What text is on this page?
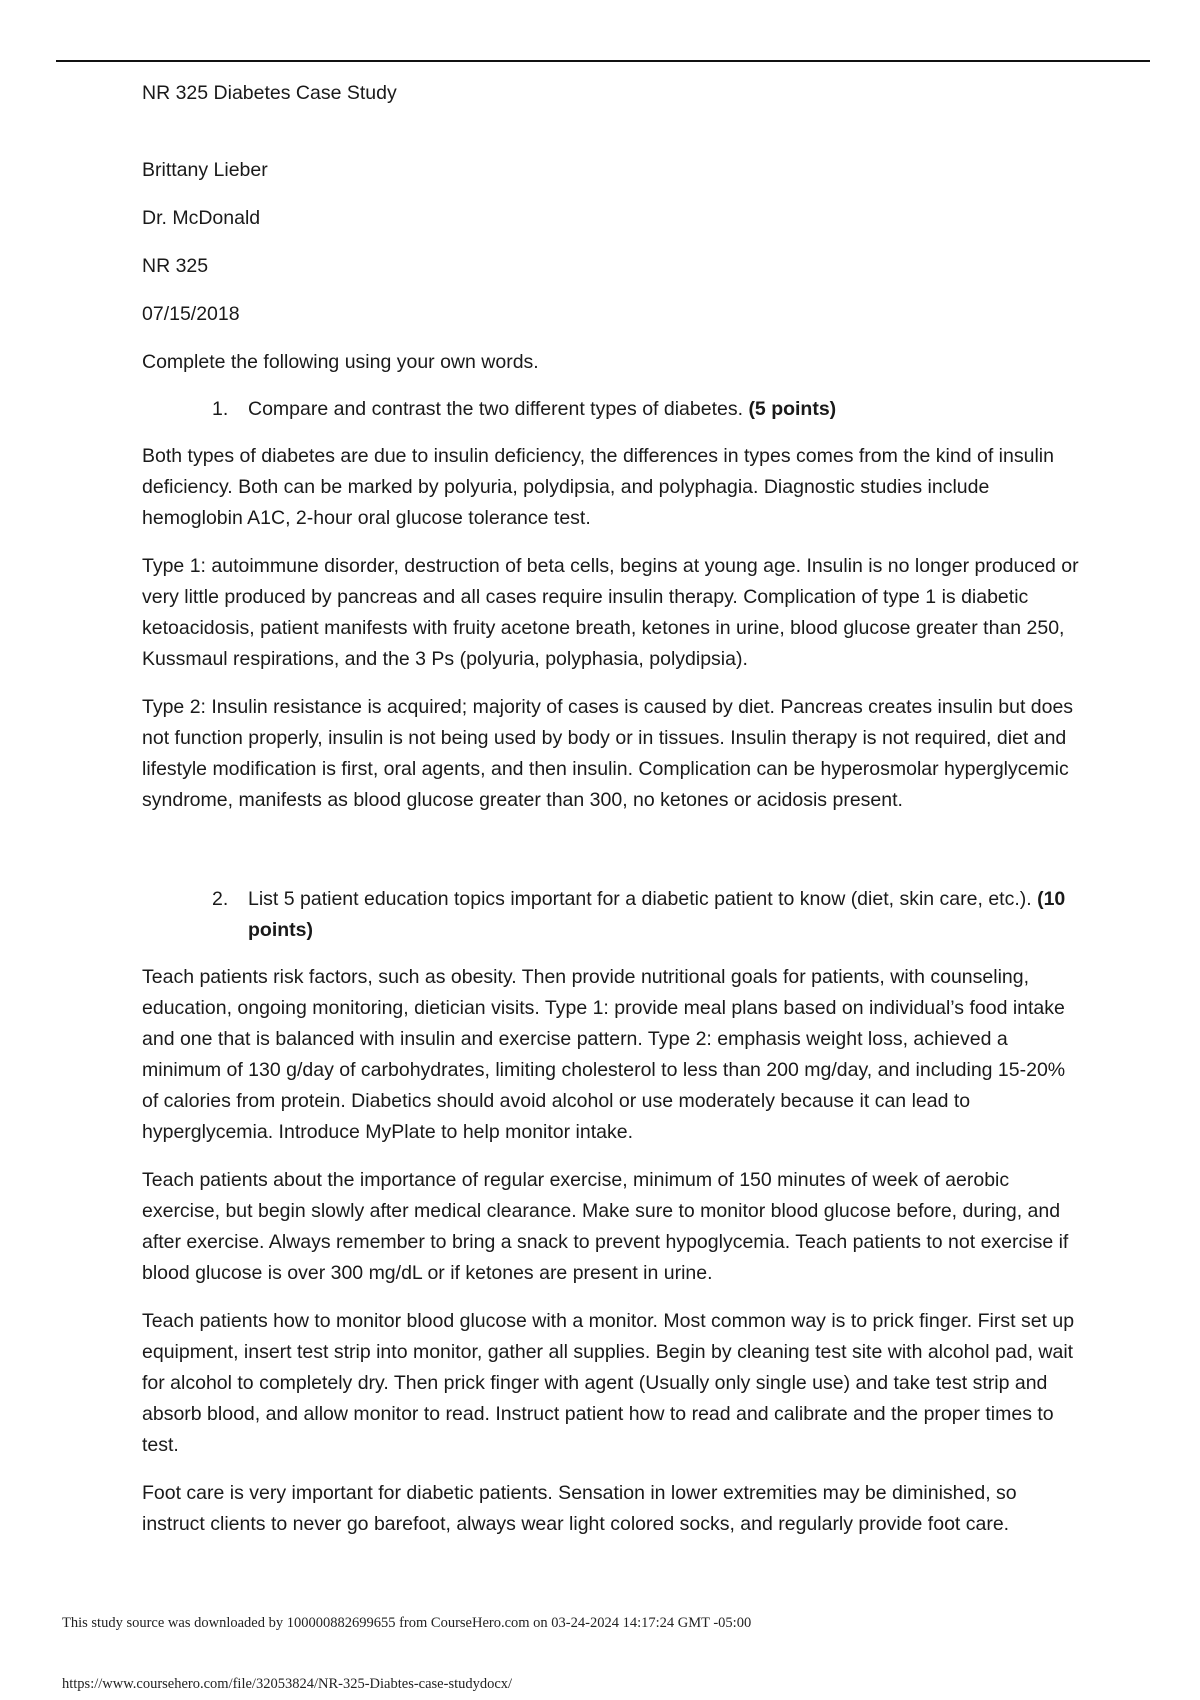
NR 325 Diabetes Case Study

Brittany Lieber

Dr. McDonald

NR 325

07/15/2018

Complete the following using your own words.

1.	Compare and contrast the two different types of diabetes. (5 points)

Both types of diabetes are due to insulin deficiency, the differences in types comes from the kind of insulin deficiency. Both can be marked by polyuria, polydipsia, and polyphagia. Diagnostic studies include hemoglobin A1C, 2-hour oral glucose tolerance test.

Type 1: autoimmune disorder, destruction of beta cells, begins at young age. Insulin is no longer produced or very little produced by pancreas and all cases require insulin therapy. Complication of type 1 is diabetic ketoacidosis, patient manifests with fruity acetone breath, ketones in urine, blood glucose greater than 250, Kussmaul respirations, and the 3 Ps (polyuria, polyphasia, polydipsia).

Type 2: Insulin resistance is acquired; majority of cases is caused by diet. Pancreas creates insulin but does not function properly, insulin is not being used by body or in tissues. Insulin therapy is not required, diet and lifestyle modification is first, oral agents, and then insulin. Complication can be hyperosmolar hyperglycemic syndrome, manifests as blood glucose greater than 300, no ketones or acidosis present.

2.	List 5 patient education topics important for a diabetic patient to know (diet, skin care, etc.). (10 points)

Teach patients risk factors, such as obesity. Then provide nutritional goals for patients, with counseling, education, ongoing monitoring, dietician visits. Type 1: provide meal plans based on individual’s food intake and one that is balanced with insulin and exercise pattern. Type 2: emphasis weight loss, achieved a minimum of 130 g/day of carbohydrates, limiting cholesterol to less than 200 mg/day, and including 15-20% of calories from protein. Diabetics should avoid alcohol or use moderately because it can lead to hyperglycemia. Introduce MyPlate to help monitor intake.

Teach patients about the importance of regular exercise, minimum of 150 minutes of week of aerobic exercise, but begin slowly after medical clearance. Make sure to monitor blood glucose before, during, and after exercise. Always remember to bring a snack to prevent hypoglycemia. Teach patients to not exercise if blood glucose is over 300 mg/dL or if ketones are present in urine.

Teach patients how to monitor blood glucose with a monitor. Most common way is to prick finger. First set up equipment, insert test strip into monitor, gather all supplies. Begin by cleaning test site with alcohol pad, wait for alcohol to completely dry. Then prick finger with agent (Usually only single use) and take test strip and absorb blood, and allow monitor to read. Instruct patient how to read and calibrate and the proper times to test.

Foot care is very important for diabetic patients. Sensation in lower extremities may be diminished, so instruct clients to never go barefoot, always wear light colored socks, and regularly provide foot care.

This study source was downloaded by 100000882699655 from CourseHero.com on 03-24-2024 14:17:24 GMT -05:00
https://www.coursehero.com/file/32053824/NR-325-Diabtes-case-studydocx/
